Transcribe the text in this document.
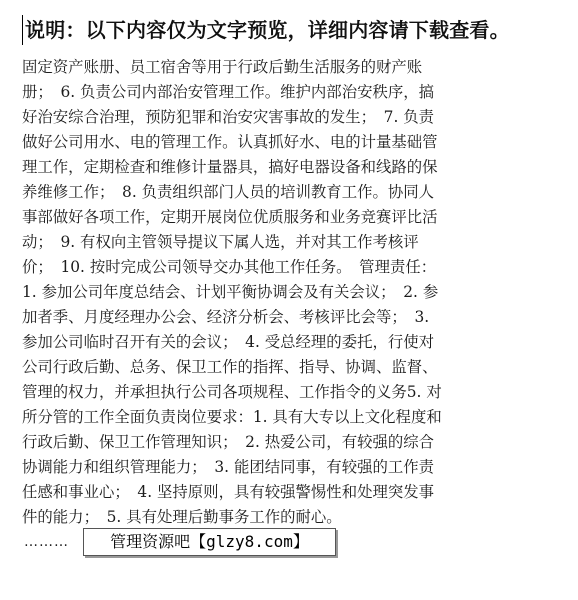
说明：以下内容仅为文字预览，详细内容请下载查看。
固定资产账册、员工宿舍等用于行政后勤生活服务的财产账
册；　6. 负责公司内部治安管理工作。维护内部治安秩序，搞
好治安综合治理，预防犯罪和治安灾害事故的发生；　7. 负责
做好公司用水、电的管理工作。认真抓好水、电的计量基础管
理工作，定期检查和维修计量器具，搞好电器设备和线路的保
养维修工作；　8. 负责组织部门人员的培训教育工作。协同人
事部做好各项工作，定期开展岗位优质服务和业务竞赛评比活
动；　9. 有权向主管领导提议下属人选，并对其工作考核评
价；　10. 按时完成公司领导交办其他工作任务。　管理责任：
1. 参加公司年度总结会、计划平衡协调会及有关会议；　2. 参
加者季、月度经理办公会、经济分析会、考核评比会等；　3.
参加公司临时召开有关的会议；　4. 受总经理的委托，行使对
公司行政后勤、总务、保卫工作的指挥、指导、协调、监督、
管理的权力，并承担执行公司各项规程、工作指令的义务5. 对
所分管的工作全面负责岗位要求：1. 具有大专以上文化程度和
行政后勤、保卫工作管理知识；　2. 热爱公司，有较强的综合
协调能力和组织管理能力；　3. 能团结同事，有较强的工作责
任感和事业心；　4. 坚持原则，具有较强警惕性和处理突发事
件的能力；　5. 具有处理后勤事务工作的耐心。
………	管理资源吧【glzy8.com】
